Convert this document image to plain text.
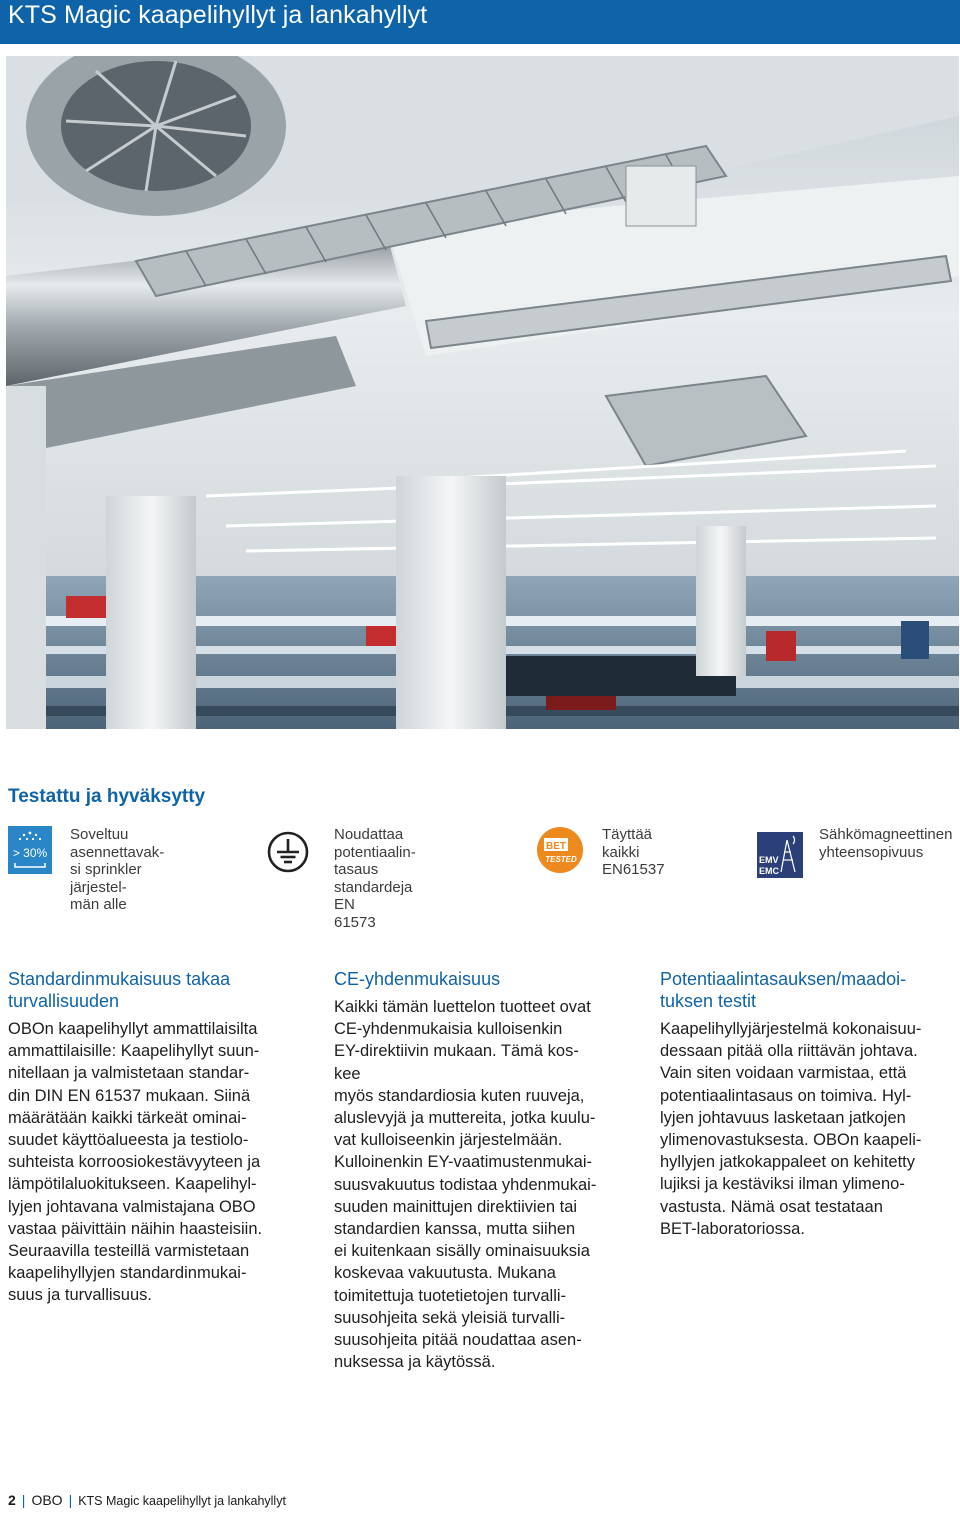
KTS Magic kaapelihyllyt ja lankahyllyt
Testattu ja hyväksytty
> 30%
Soveltuu asennettavak-
si sprinkler järjestel-
män alle
Noudattaa potentiaalin-
tasaus standardeja EN
61573
BET
TESTED
Täyttää kaikki
EN61537
EMV
EMC
Sähkömagneettinen
yhteensopivuus
Standardinmukaisuus takaa
turvallisuuden

OBOn kaapelihyllyt ammattilaisilta
ammattilaisille: Kaapelihyllyt suun-
nitellaan ja valmistetaan standar-
din DIN EN 61537 mukaan. Siinä
määrätään kaikki tärkeät ominai-
suudet käyttöalueesta ja testiolo-
suhteista korroosiokestävyyteen ja
lämpötilaluokitukseen. Kaapelihyl-
lyjen johtavana valmistajana OBO
vastaa päivittäin näihin haasteisiin.
Seuraavilla testeillä varmistetaan
kaapelihyllyjen standardinmukai-
suus ja turvallisuus.

CE-yhdenmukaisuus

Kaikki tämän luettelon tuotteet ovat
CE-yhdenmukaisia kulloisenkin
EY-direktiivin mukaan. Tämä kos-
kee
myös standardiosia kuten ruuveja,
aluslevyjä ja muttereita, jotka kuulu-
vat kulloiseenkin järjestelmään.
Kulloinenkin EY-vaatimustenmukai-
suusvakuutus todistaa yhdenmukai-
suuden mainittujen direktiivien tai
standardien kanssa, mutta siihen
ei kuitenkaan sisälly ominaisuuksia
koskevaa vakuutusta. Mukana
toimitettuja tuotetietojen turvalli-
suusohjeita sekä yleisiä turvalli-
suusohjeita pitää noudattaa asen-
nuksessa ja käytössä.

Potentiaalintasauksen/maadoi-
tuksen testit

Kaapelihyllyjärjestelmä kokonaisuu-
dessaan pitää olla riittävän johtava.
Vain siten voidaan varmistaa, että
potentiaalintasaus on toimiva. Hyl-
lyjen johtavuus lasketaan jatkojen
ylimenovastuksesta. OBOn kaapeli-
hyllyjen jatkokappaleet on kehitetty
lujiksi ja kestäviksi ilman ylimeno-
vastusta. Nämä osat testataan
BET-laboratoriossa.

2 | OBO | KTS Magic kaapelihyllyt ja lankahyllyt
